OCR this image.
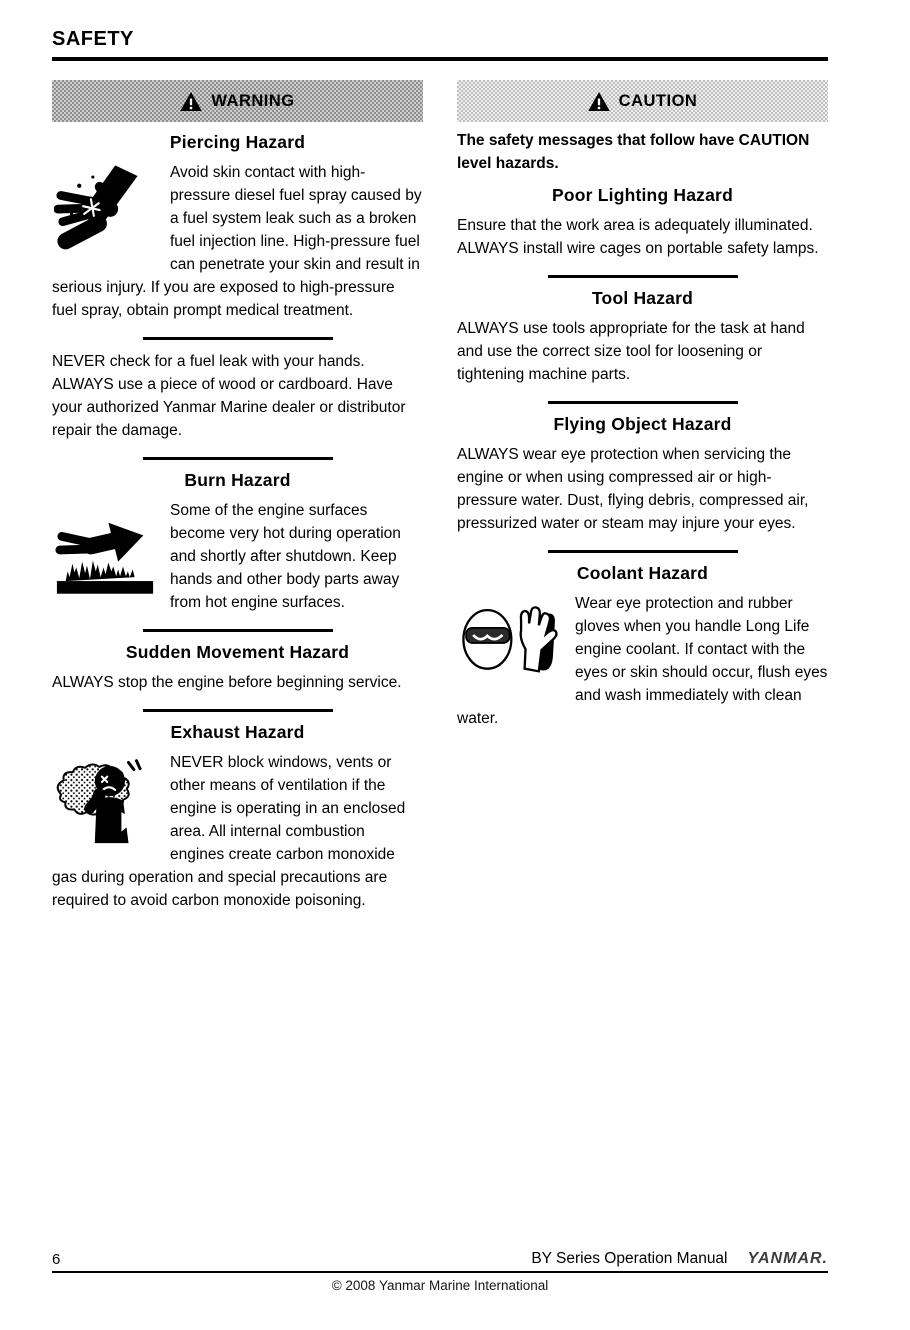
SAFETY
WARNING
Piercing Hazard

Avoid skin contact with high-pressure diesel fuel spray caused by a fuel system leak such as a broken fuel injection line. High-pressure fuel can penetrate your skin and result in serious injury. If you are exposed to high-pressure fuel spray, obtain prompt medical treatment.

NEVER check for a fuel leak with your hands. ALWAYS use a piece of wood or cardboard. Have your authorized Yanmar Marine dealer or distributor repair the damage.

Burn Hazard

Some of the engine surfaces become very hot during operation and shortly after shutdown. Keep hands and other body parts away from hot engine surfaces.

Sudden Movement Hazard

ALWAYS stop the engine before beginning service.

Exhaust Hazard

NEVER block windows, vents or other means of ventilation if the engine is operating in an enclosed area. All internal combustion engines create carbon monoxide gas during operation and special precautions are required to avoid carbon monoxide poisoning.

CAUTION

The safety messages that follow have CAUTION level hazards.

Poor Lighting Hazard

Ensure that the work area is adequately illuminated. ALWAYS install wire cages on portable safety lamps.

Tool Hazard

ALWAYS use tools appropriate for the task at hand and use the correct size tool for loosening or tightening machine parts.

Flying Object Hazard

ALWAYS wear eye protection when servicing the engine or when using compressed air or high-pressure water. Dust, flying debris, compressed air, pressurized water or steam may injure your eyes.

Coolant Hazard

Wear eye protection and rubber gloves when you handle Long Life engine coolant. If contact with the eyes or skin should occur, flush eyes and wash immediately with clean water.

6	BY Series Operation Manual YANMAR.
© 2008 Yanmar Marine International
